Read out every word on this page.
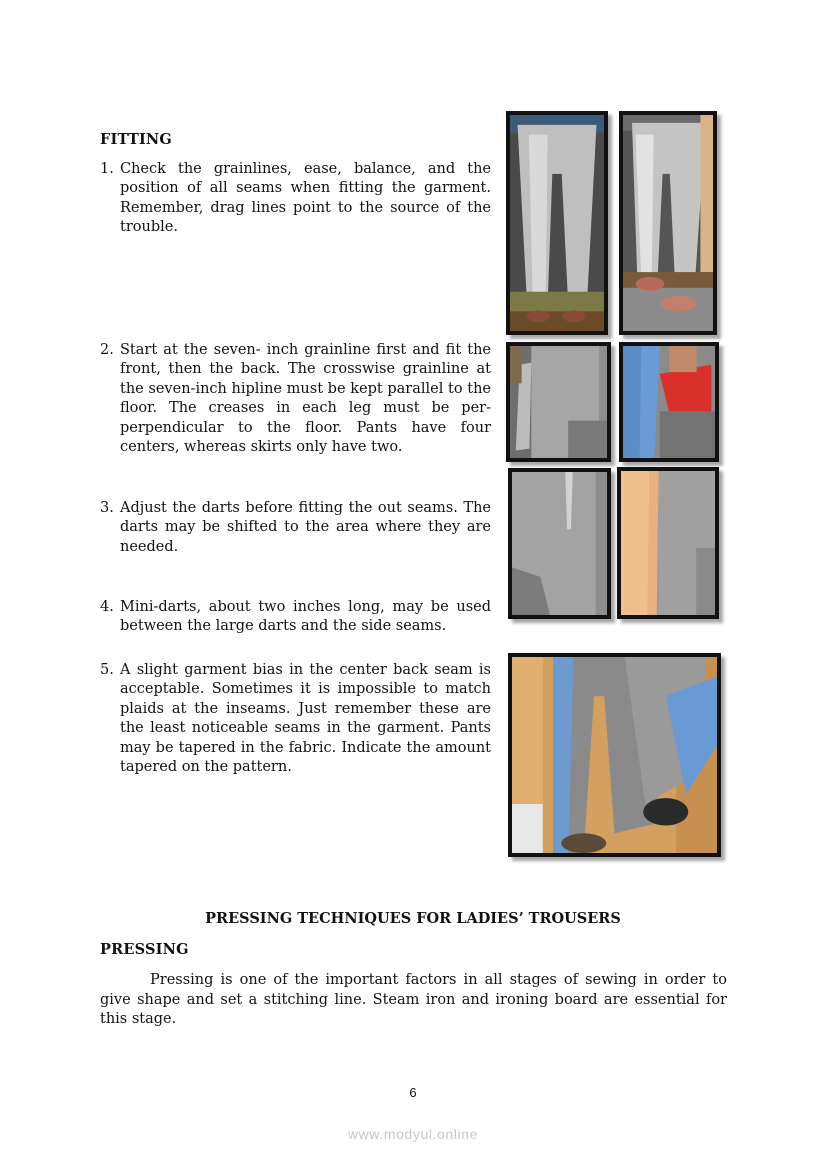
FITTING
1. Check the grainlines, ease, balance, and the position of all seams when fitting the garment. Remember, drag lines point to the source of the trouble.
2. Start at the seven- inch grainline first and fit the front, then the back. The crosswise grainline at the seven-inch hipline must be kept parallel to the floor. The creases in each leg must be per-perpendicular to the floor. Pants have four centers, whereas skirts only have two.
3. Adjust the darts before fitting the out seams. The darts may be shifted to the area where they are needed.
4. Mini-darts, about two inches long, may be used between the large darts and the side seams.
5. A slight garment bias in the center back seam is acceptable. Sometimes it is impossible to match plaids at the inseams. Just remember these are the least noticeable seams in the garment. Pants may be tapered in the fabric. Indicate the amount tapered on the pattern.
PRESSING TECHNIQUES FOR LADIES’ TROUSERS
PRESSING
Pressing is one of the important factors in all stages of sewing in order to give shape and set a stitching line. Steam iron and ironing board are essential for this stage.
6
www.modyul.online
